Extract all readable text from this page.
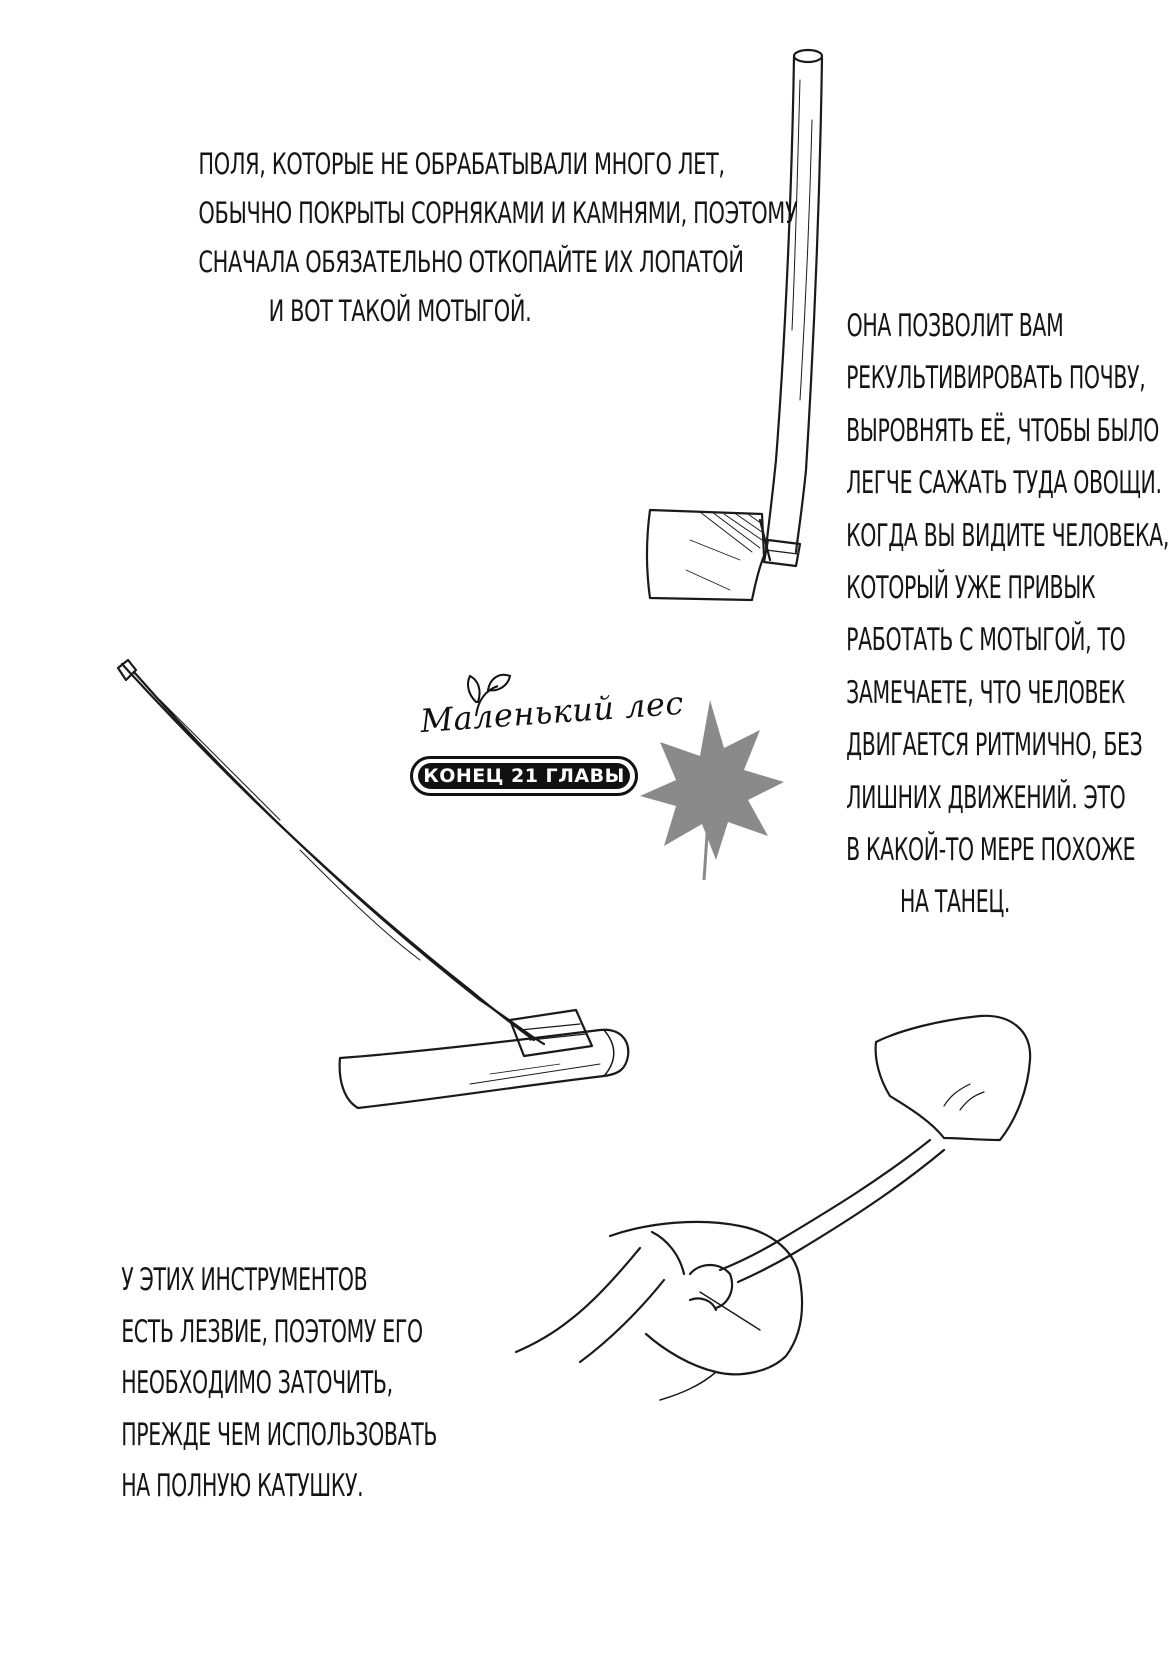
ПОЛЯ, КОТОРЫЕ НЕ ОБРАБАТЫВАЛИ МНОГО ЛЕТ,
ОБЫЧНО ПОКРЫТЫ СОРНЯКАМИ И КАМНЯМИ, ПОЭТОМУ
СНАЧАЛА ОБЯЗАТЕЛЬНО ОТКОПАЙТЕ ИХ ЛОПАТОЙ
И ВОТ ТАКОЙ МОТЫГОЙ.	ОНА ПОЗВОЛИТ ВАМ
РЕКУЛЬТИВИРОВАТЬ ПОЧВУ,
ВЫРОВНЯТЬ ЕЁ, ЧТОБЫ БЫЛО
ЛЕГЧЕ САЖАТЬ ТУДА ОВОЩИ.
КОГДА ВЫ ВИДИТЕ ЧЕЛОВЕКА,
КОТОРЫЙ УЖЕ ПРИВЫК
РАБОТАТЬ С МОТЫГОЙ, ТО
ЗАМЕЧАЕТЕ, ЧТО ЧЕЛОВЕК
ДВИГАЕТСЯ РИТМИЧНО, БЕЗ
ЛИШНИХ ДВИЖЕНИЙ. ЭТО
В КАКОЙ-ТО МЕРЕ ПОХОЖЕ
НА ТАНЕЦ.
У ЭТИХ ИНСТРУМЕНТОВ
ЕСТЬ ЛЕЗВИЕ, ПОЭТОМУ ЕГО
НЕОБХОДИМО ЗАТОЧИТЬ,
ПРЕЖДЕ ЧЕМ ИСПОЛЬЗОВАТЬ
НА ПОЛНУЮ КАТУШКУ.
Маленький лес
КОНЕЦ 21 ГЛАВЫ
